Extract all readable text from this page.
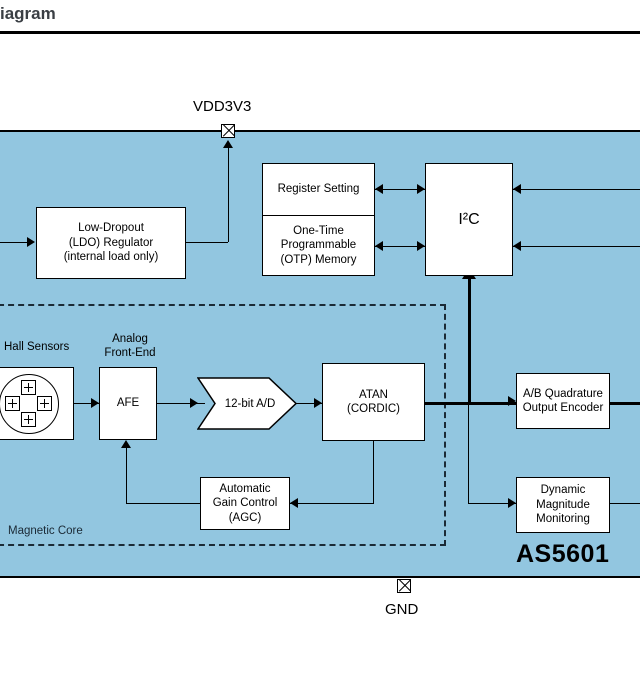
iagram
Magnetic Core
Low-Dropout
(LDO) Regulator
(internal load only)
Register Setting
One-Time
Programmable
(OTP) Memory
I²C
Hall Sensors
Analog
Front-End
AFE	12-bit A/D
ATAN
(CORDIC)
A/B Quadrature
Output Encoder
Automatic
Gain Control
(AGC)
Dynamic
Magnitude
Monitoring
VDD3V3
GND
AS5601
